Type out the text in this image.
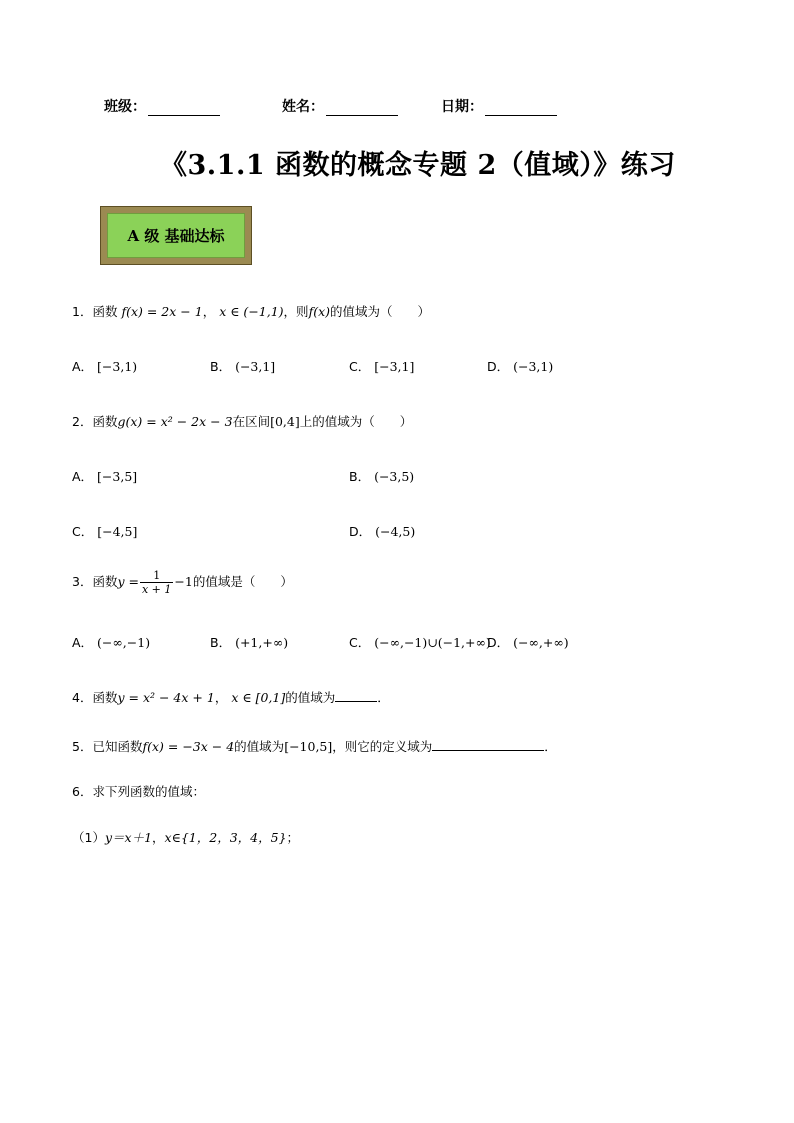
班级：	姓名：	日期：
《3.1.1 函数的概念专题 2（值域）》练习
A 级 基础达标
1．函数 f(x) = 2x − 1， x ∈ (−1,1)，则f(x)的值域为（　　）
A． [−3,1)	B． (−3,1]	C． [−3,1]	D． (−3,1)
2．函数g(x) = x² − 2x − 3在区间[0,4]上的值域为（　　）
A． [−3,5]	B． (−3,5)
C． [−4,5]	D． (−4,5)
3．函数$y = \frac{1}{x + 1} -1$的值域是（　　）
A． (−∞,−1)	B． (+1,+∞)	C． (−∞,−1)∪(−1,+∞)
D． (−∞,+∞)
4．函数y = x² − 4x + 1， x ∈ [0,1]的值域为	．
5．已知函数f(x) = −3x − 4的值域为[−10,5]，则它的定义域为	．
6．求下列函数的值域：
（1）y＝x＋1，x∈{1，2，3，4，5}；
